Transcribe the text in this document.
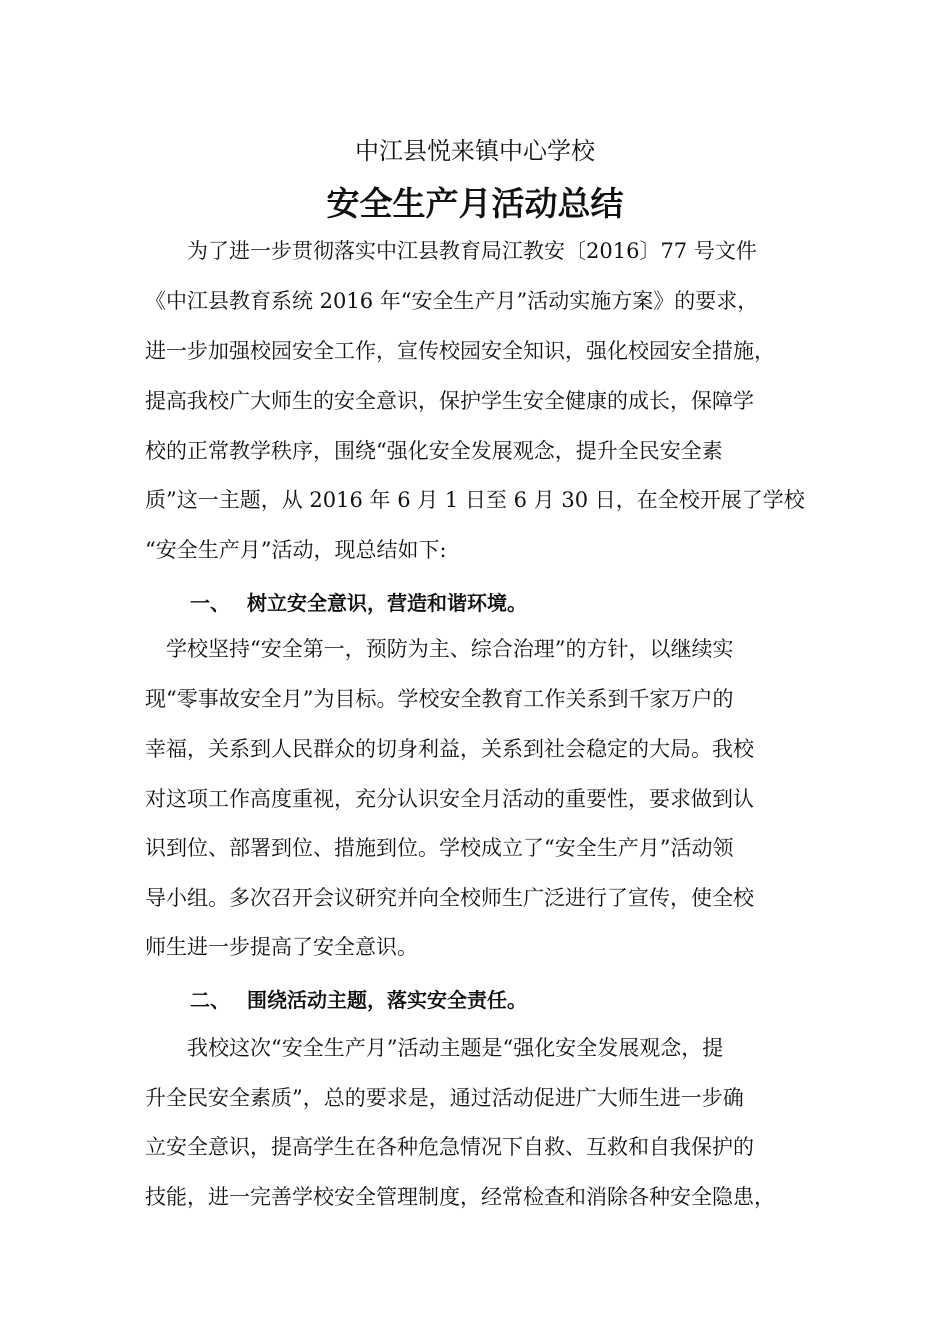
中江县悦来镇中心学校
安全生产月活动总结
　　为了进一步贯彻落实中江县教育局江教安〔2016〕77 号文件
《中江县教育系统 2016 年“安全生产月”活动实施方案》的要求，
进一步加强校园安全工作，宣传校园安全知识，强化校园安全措施，
提高我校广大师生的安全意识，保护学生安全健康的成长，保障学
校的正常教学秩序，围绕“强化安全发展观念，提升全民安全素
质”这一主题，从 2016 年 6 月 1 日至 6 月 30 日，在全校开展了学校
“安全生产月”活动，现总结如下:
一、 树立安全意识，营造和谐环境。
　学校坚持“安全第一，预防为主、综合治理”的方针，以继续实
现“零事故安全月”为目标。学校安全教育工作关系到千家万户的
幸福，关系到人民群众的切身利益，关系到社会稳定的大局。我校
对这项工作高度重视，充分认识安全月活动的重要性，要求做到认
识到位、部署到位、措施到位。学校成立了“安全生产月”活动领
导小组。多次召开会议研究并向全校师生广泛进行了宣传，使全校
师生进一步提高了安全意识。
二、 围绕活动主题，落实安全责任。
　　我校这次“安全生产月”活动主题是“强化安全发展观念，提
升全民安全素质”，总的要求是，通过活动促进广大师生进一步确
立安全意识，提高学生在各种危急情况下自救、互救和自我保护的
技能，进一完善学校安全管理制度，经常检查和消除各种安全隐患，
